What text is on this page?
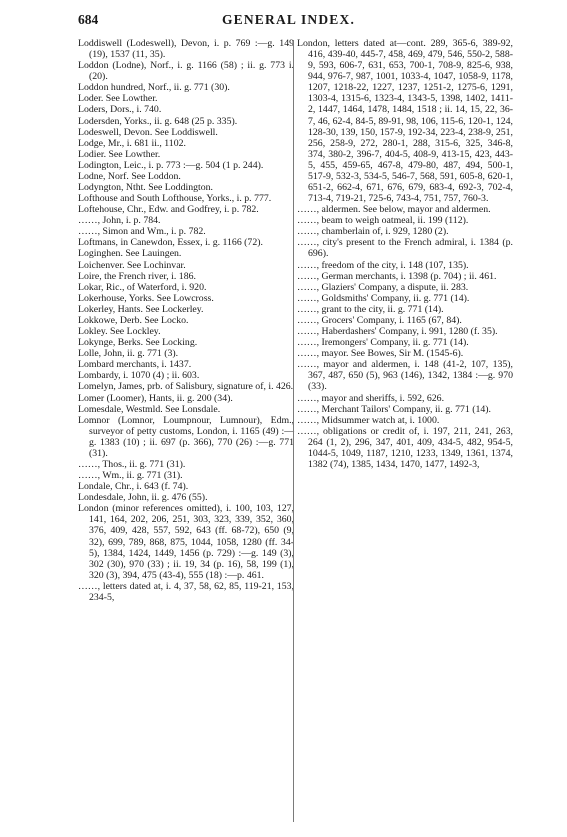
684	GENERAL INDEX.
Loddiswell (Lodeswell), Devon, i. p. 769 :—g. 149 (19), 1537 (11, 35).
Loddon (Lodne), Norf., i. g. 1166 (58) ; ii. g. 773 i. (20).
Loddon hundred, Norf., ii. g. 771 (30).
Loder. See Lowther.
Loders, Dors., i. 740.
Lodersden, Yorks., ii. g. 648 (25 p. 335).
Lodeswell, Devon. See Loddiswell.
Lodge, Mr., i. 681 ii., 1102.
Lodier. See Lowther.
Lodington, Leic., i. p. 773 :—g. 504 (1 p. 244).
Lodne, Norf. See Loddon.
Lodyngton, Ntht. See Loddington.
Lofthouse and South Lofthouse, Yorks., i. p. 777.
Loftehouse, Chr., Edw. and Godfrey, i. p. 782.
……, John, i. p. 784.
……, Simon and Wm., i. p. 782.
Loftmans, in Canewdon, Essex, i. g. 1166 (72).
Loginghen. See Lauingen.
Loichenver. See Lochinvar.
Loire, the French river, i. 186.
Lokar, Ric., of Waterford, i. 920.
Lokerhouse, Yorks. See Lowcross.
Lokerley, Hants. See Lockerley.
Lokkowe, Derb. See Locko.
Lokley. See Lockley.
Lokynge, Berks. See Locking.
Lolle, John, ii. g. 771 (3).
Lombard merchants, i. 1437.
Lombardy, i. 1070 (4) ; ii. 603.
Lomelyn, James, prb. of Salisbury, signature of, i. 426.
Lomer (Loomer), Hants, ii. g. 200 (34).
Lomesdale, Westmld. See Lonsdale.
Lomnor (Lomnor, Loumpnour, Lumnour), Edm., surveyor of petty customs, London, i. 1165 (49) :—g. 1383 (10) ; ii. 697 (p. 366), 770 (26) :—g. 771 (31).
……, Thos., ii. g. 771 (31).
……, Wm., ii. g. 771 (31).
Londale, Chr., i. 643 (f. 74).
Londesdale, John, ii. g. 476 (55).
London (minor references omitted), i. 100, 103, 127, 141, 164, 202, 206, 251, 303, 323, 339, 352, 360, 376, 409, 428, 557, 592, 643 (ff. 68-72), 650 (9, 32), 699, 789, 868, 875, 1044, 1058, 1280 (ff. 34-5), 1384, 1424, 1449, 1456 (p. 729) :—g. 149 (3), 302 (30), 970 (33) ; ii. 19, 34 (p. 16), 58, 199 (1), 320 (3), 394, 475 (43-4), 555 (18) :—p. 461.
……, letters dated at, i. 4, 37, 58, 62, 85, 119-21, 153, 234-5,
London, letters dated at—cont. 289, 365-6, 389-92, 416, 439-40, 445-7, 458, 469, 479, 546, 550-2, 588-9, 593, 606-7, 631, 653, 700-1, 708-9, 825-6, 938, 944, 976-7, 987, 1001, 1033-4, 1047, 1058-9, 1178, 1207, 1218-22, 1227, 1237, 1251-2, 1275-6, 1291, 1303-4, 1315-6, 1323-4, 1343-5, 1398, 1402, 1411-2, 1447, 1464, 1478, 1484, 1518 ; ii. 14, 15, 22, 36-7, 46, 62-4, 84-5, 89-91, 98, 106, 115-6, 120-1, 124, 128-30, 139, 150, 157-9, 192-34, 223-4, 238-9, 251, 256, 258-9, 272, 280-1, 288, 315-6, 325, 346-8, 374, 380-2, 396-7, 404-5, 408-9, 413-15, 423, 443-5, 455, 459-65, 467-8, 479-80, 487, 494, 500-1, 517-9, 532-3, 534-5, 546-7, 568, 591, 605-8, 620-1, 651-2, 662-4, 671, 676, 679, 683-4, 692-3, 702-4, 713-4, 719-21, 725-6, 743-4, 751, 757, 760-3.
……, aldermen. See below, mayor and aldermen.
……, beam to weigh oatmeal, ii. 199 (112).
……, chamberlain of, i. 929, 1280 (2).
……, city's present to the French admiral, i. 1384 (p. 696).
……, freedom of the city, i. 148 (107, 135).
……, German merchants, i. 1398 (p. 704) ; ii. 461.
……, Glaziers' Company, a dispute, ii. 283.
……, Goldsmiths' Company, ii. g. 771 (14).
……, grant to the city, ii. g. 771 (14).
……, Grocers' Company, i. 1165 (67, 84).
……, Haberdashers' Company, i. 991, 1280 (f. 35).
……, Iremongers' Company, ii. g. 771 (14).
……, mayor. See Bowes, Sir M. (1545-6).
……, mayor and aldermen, i. 148 (41-2, 107, 135), 367, 487, 650 (5), 963 (146), 1342, 1384 :—g. 970 (33).
……, mayor and sheriffs, i. 592, 626.
……, Merchant Tailors' Company, ii. g. 771 (14).
……, Midsummer watch at, i. 1000.
……, obligations or credit of, i. 197, 211, 241, 263, 264 (1, 2), 296, 347, 401, 409, 434-5, 482, 954-5, 1044-5, 1049, 1187, 1210, 1233, 1349, 1361, 1374, 1382 (74), 1385, 1434, 1470, 1477, 1492-3,
